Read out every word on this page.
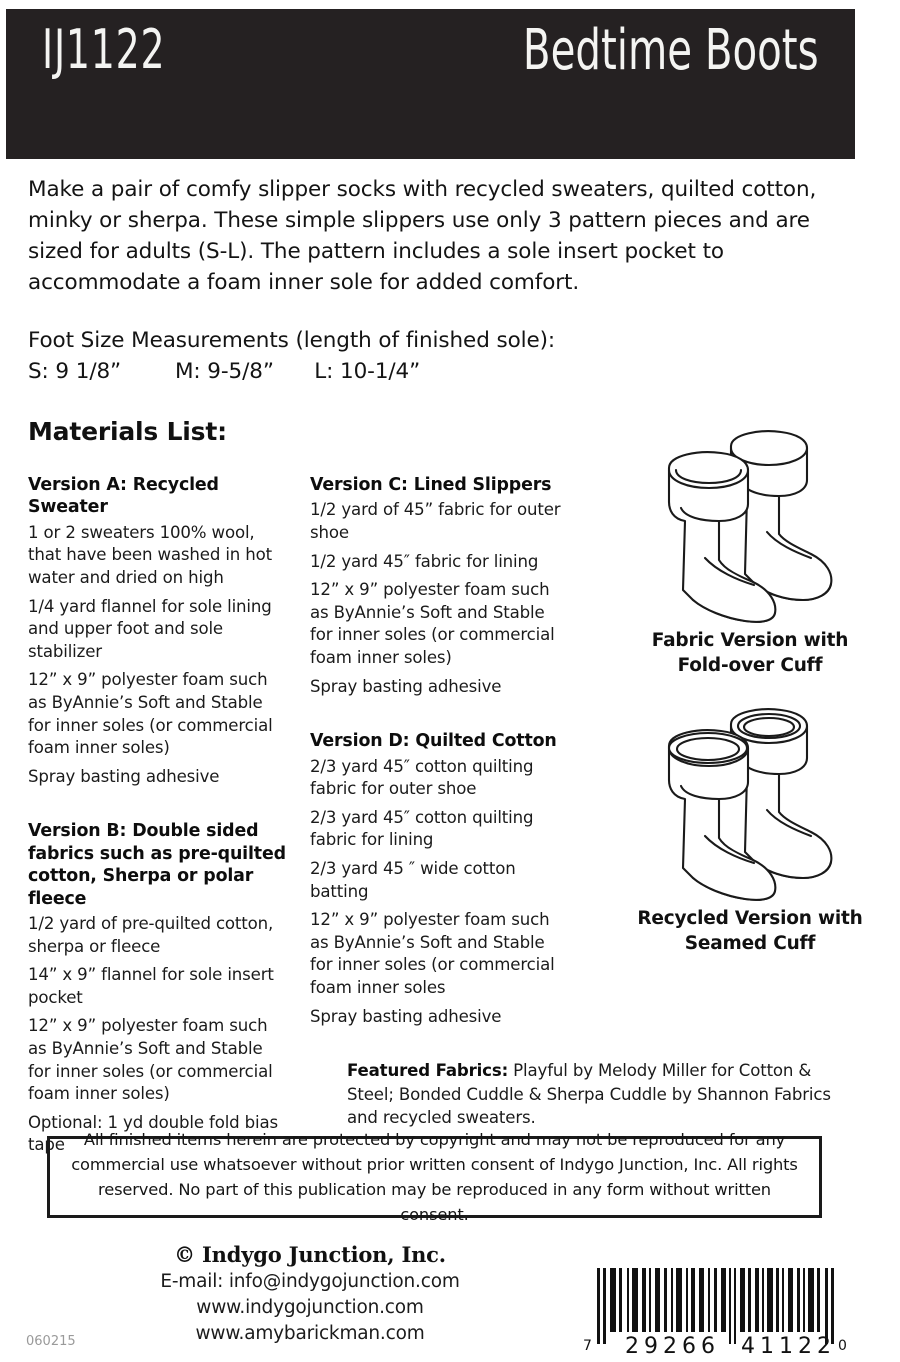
IJ1122	Bedtime Boots
Make a pair of comfy slipper socks with recycled sweaters, quilted cotton, minky or sherpa. These simple slippers use only 3 pattern pieces and are sized for adults (S-L). The pattern includes a sole insert pocket to accommodate a foam inner sole for added comfort.
Foot Size Measurements (length of finished sole):
S: 9 1/8”        M: 9-5/8”      L: 10-1/4”
Materials List:
Version A: Recycled Sweater
1 or 2 sweaters 100% wool, that have been washed in hot water and dried on high
1/4 yard flannel for sole lining and upper foot and sole stabilizer
12” x 9” polyester foam such as ByAnnie’s Soft and Stable for inner soles (or commercial foam inner soles)
Spray basting adhesive
Version B: Double sided fabrics such as pre-quilted cotton, Sherpa or polar fleece
1/2 yard of pre-quilted cotton, sherpa or fleece
14” x 9” flannel for sole insert pocket
12” x 9” polyester foam such as ByAnnie’s Soft and Stable for inner soles (or commercial foam inner soles)
Optional: 1 yd double fold bias tape
Version C: Lined Slippers
1/2 yard of 45” fabric for outer shoe
1/2 yard 45″ fabric for lining
12” x 9” polyester foam such as ByAnnie’s Soft and Stable for inner soles (or commercial foam inner soles)
Spray basting adhesive
Version D: Quilted Cotton
2/3 yard 45″ cotton quilting fabric for outer shoe
2/3 yard 45″ cotton quilting fabric for lining
2/3 yard 45 ″ wide cotton batting
12” x 9” polyester foam such as ByAnnie’s Soft and Stable for inner soles (or commercial foam inner soles
Spray basting adhesive
Fabric Version with
Fold-over Cuff
Recycled Version with
Seamed Cuff
Featured Fabrics: Playful by Melody Miller for Cotton & Steel; Bonded Cuddle & Sherpa Cuddle by Shannon Fabrics and recycled sweaters.
All finished items herein are protected by copyright and may not be reproduced for any commercial use whatsoever without prior written consent of Indygo Junction, Inc. All rights reserved. No part of this publication may be reproduced in any form without written consent.
© Indygo Junction, Inc.
E-mail: info@indygojunction.com
www.indygojunction.com
www.amybarickman.com
060215	7 29266 41122 0
